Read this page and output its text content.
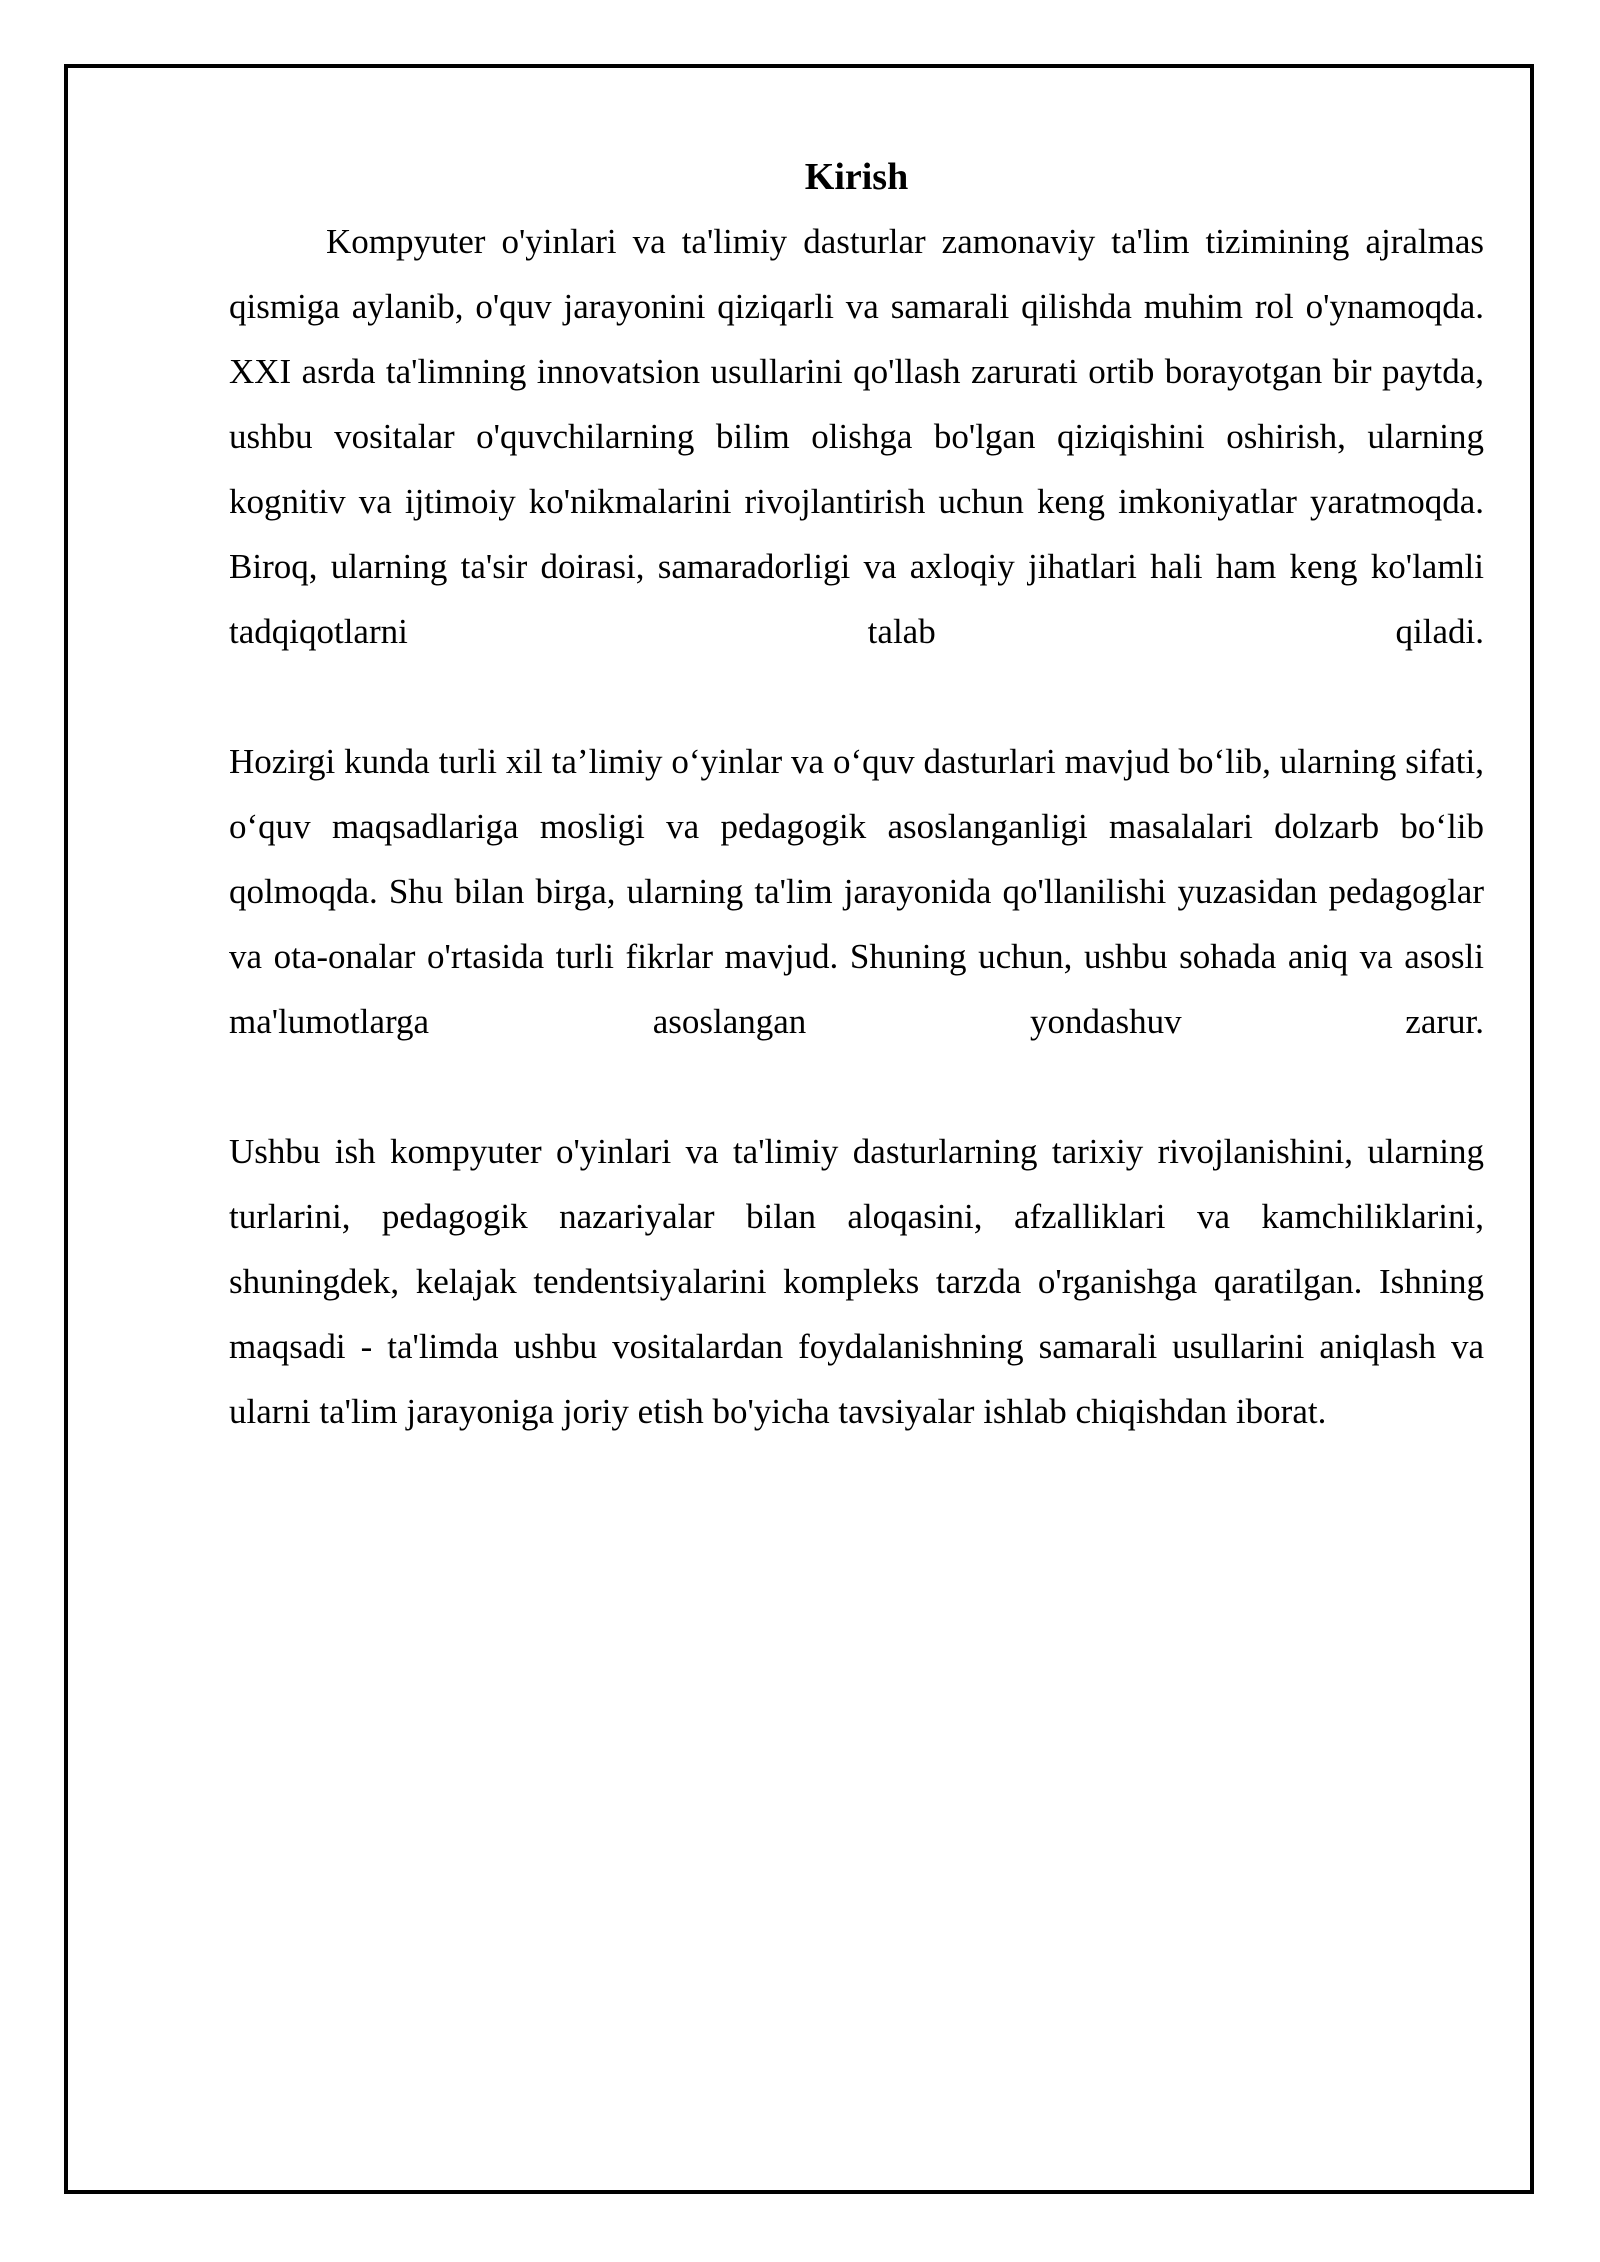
Kirish

Kompyuter o'yinlari va ta'limiy dasturlar zamonaviy ta'lim tizimining ajralmas qismiga aylanib, o'quv jarayonini qiziqarli va samarali qilishda muhim rol o'ynamoqda. XXI asrda ta'limning innovatsion usullarini qo'llash zarurati ortib borayotgan bir paytda, ushbu vositalar o'quvchilarning bilim olishga bo'lgan qiziqishini oshirish, ularning kognitiv va ijtimoiy ko'nikmalarini rivojlantirish uchun keng imkoniyatlar yaratmoqda. Biroq, ularning ta'sir doirasi, samaradorligi va axloqiy jihatlari hali ham keng ko'lamli tadqiqotlarni talab qiladi.

Hozirgi kunda turli xil ta’limiy o‘yinlar va o‘quv dasturlari mavjud bo‘lib, ularning sifati, o‘quv maqsadlariga mosligi va pedagogik asoslanganligi masalalari dolzarb bo‘lib qolmoqda. Shu bilan birga, ularning ta'lim jarayonida qo'llanilishi yuzasidan pedagoglar va ota-onalar o'rtasida turli fikrlar mavjud. Shuning uchun, ushbu sohada aniq va asosli ma'lumotlarga asoslangan yondashuv zarur.

Ushbu ish kompyuter o'yinlari va ta'limiy dasturlarning tarixiy rivojlanishini, ularning turlarini, pedagogik nazariyalar bilan aloqasini, afzalliklari va kamchiliklarini, shuningdek, kelajak tendentsiyalarini kompleks tarzda o'rganishga qaratilgan. Ishning maqsadi - ta'limda ushbu vositalardan foydalanishning samarali usullarini aniqlash va ularni ta'lim jarayoniga joriy etish bo'yicha tavsiyalar ishlab chiqishdan iborat.
